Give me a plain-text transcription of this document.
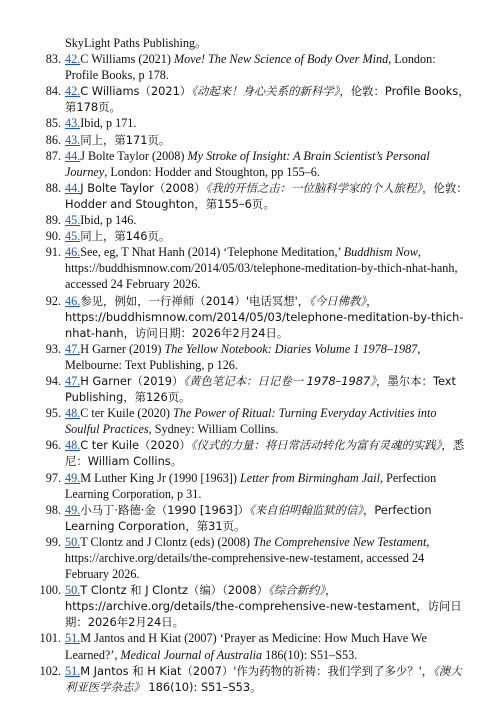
SkyLight Paths Publishing。

83. 42.C Williams (2021) Move! The New Science of Body Over Mind, London: Profile Books, p 178.

84. 42.C Williams（2021）《动起来！身心关系的新科学》，伦敦：Profile Books，第178页。

85. 43.Ibid, p 171.

86. 43.同上，第171页。

87. 44.J Bolte Taylor (2008) My Stroke of Insight: A Brain Scientist’s Personal Journey, London: Hodder and Stoughton, pp 155–6.

88. 44.J Bolte Taylor（2008）《我的开悟之击：一位脑科学家的个人旅程》，伦敦：Hodder and Stoughton，第155–6页。

89. 45.Ibid, p 146.

90. 45.同上，第146页。

91. 46.See, eg, T Nhat Hanh (2014) ‘Telephone Meditation,’ Buddhism Now, https://buddhismnow.com/2014/05/03/telephone-meditation-by-thich-nhat-hanh, accessed 24 February 2026.

92. 46.参见，例如，一行禅师（2014）'电话冥想'，《今日佛教》，https://buddhismnow.com/2014/05/03/telephone-meditation-by-thich-nhat-hanh，访问日期：2026年2月24日。

93. 47.H Garner (2019) The Yellow Notebook: Diaries Volume 1 1978–1987, Melbourne: Text Publishing, p 126.

94. 47.H Garner（2019）《黄色笔记本：日记卷一 1978–1987》，墨尔本：Text Publishing，第126页。

95. 48.C ter Kuile (2020) The Power of Ritual: Turning Everyday Activities into Soulful Practices, Sydney: William Collins.

96. 48.C ter Kuile（2020）《仪式的力量：将日常活动转化为富有灵魂的实践》，悉尼：William Collins。

97. 49.M Luther King Jr (1990 [1963]) Letter from Birmingham Jail, Perfection Learning Corporation, p 31.

98. 49.小马丁·路德·金（1990 [1963]）《来自伯明翰监狱的信》，Perfection Learning Corporation，第31页。

99. 50.T Clontz and J Clontz (eds) (2008) The Comprehensive New Testament, https://archive.org/details/the-comprehensive-new-testament, accessed 24 February 2026.

100. 50.T Clontz 和 J Clontz（编）（2008）《综合新约》，https://archive.org/details/the-comprehensive-new-testament，访问日期：2026年2月24日。

101. 51.M Jantos and H Kiat (2007) ‘Prayer as Medicine: How Much Have We Learned?’, Medical Journal of Australia 186(10): S51–S53.

102. 51.M Jantos 和 H Kiat（2007）'作为药物的祈祷：我们学到了多少？'，《澳大利亚医学杂志》 186(10): S51–S53。
